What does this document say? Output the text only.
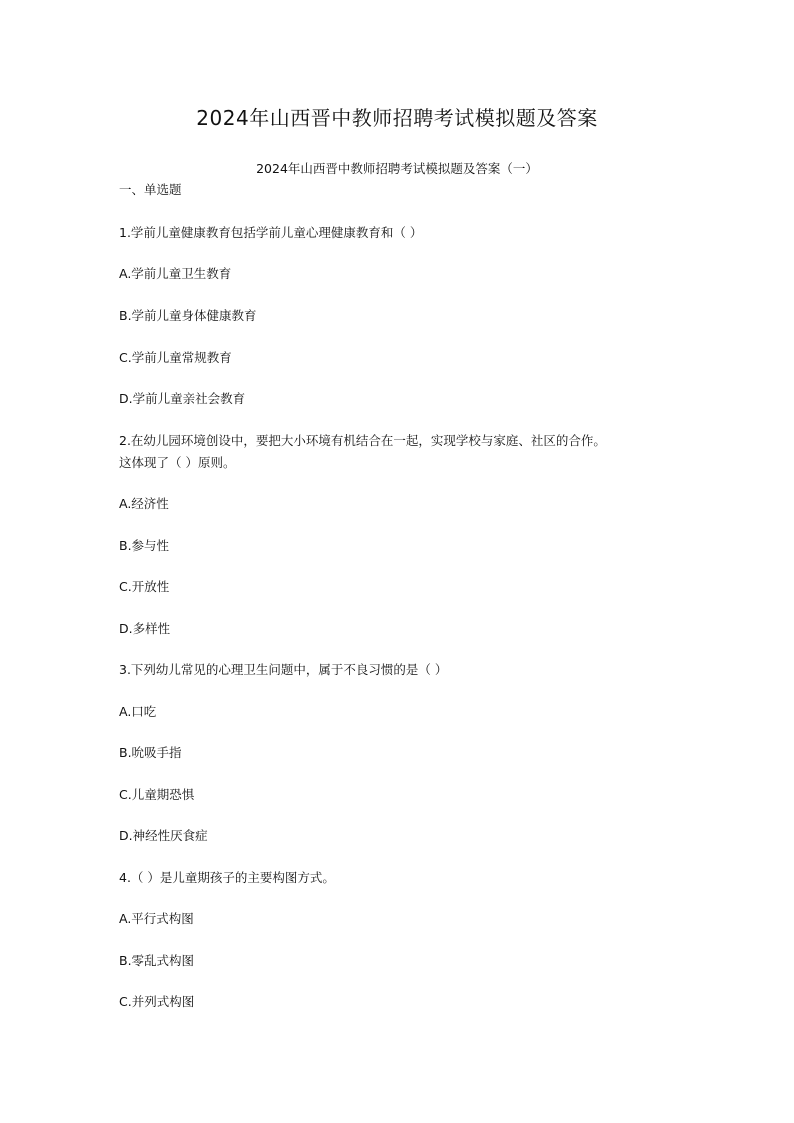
2024年山西晋中教师招聘考试模拟题及答案
2024年山西晋中教师招聘考试模拟题及答案（一）
一、单选题
1.学前儿童健康教育包括学前儿童心理健康教育和（ ）
A.学前儿童卫生教育
B.学前儿童身体健康教育
C.学前儿童常规教育
D.学前儿童亲社会教育
2.在幼儿园环境创设中，要把大小环境有机结合在一起，实现学校与家庭、社区的合作。
这体现了（ ）原则。
A.经济性
B.参与性
C.开放性
D.多样性
3.下列幼儿常见的心理卫生问题中，属于不良习惯的是（ ）
A.口吃
B.吮吸手指
C.儿童期恐惧
D.神经性厌食症
4.（ ）是儿童期孩子的主要构图方式。
A.平行式构图
B.零乱式构图
C.并列式构图
